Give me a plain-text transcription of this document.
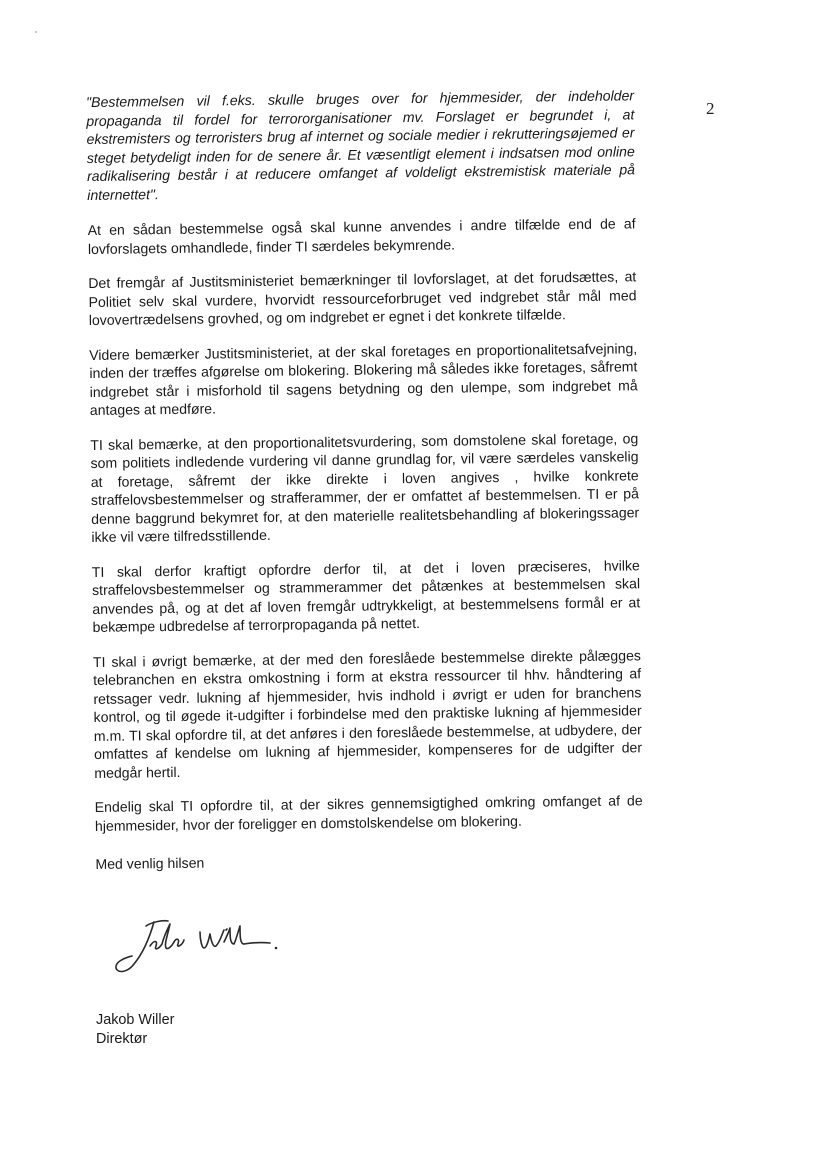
2

"Bestemmelsen vil f.eks. skulle bruges over for hjemmesider, der indeholder propaganda til fordel for terrororganisationer mv. Forslaget er begrundet i, at ekstremisters og terroristers brug af internet og sociale medier i rekrutteringsøjemed er steget betydeligt inden for de senere år. Et væsentligt element i indsatsen mod online radikalisering består i at reducere omfanget af voldeligt ekstremistisk materiale på internettet".

At en sådan bestemmelse også skal kunne anvendes i andre tilfælde end de af lovforslagets omhandlede, finder TI særdeles bekymrende.

Det fremgår af Justitsministeriet bemærkninger til lovforslaget, at det forudsættes, at Politiet selv skal vurdere, hvorvidt ressourceforbruget ved indgrebet står mål med lovovertrædelsens grovhed, og om indgrebet er egnet i det konkrete tilfælde.

Videre bemærker Justitsministeriet, at der skal foretages en proportionalitetsafvejning, inden der træffes afgørelse om blokering. Blokering må således ikke foretages, såfremt indgrebet står i misforhold til sagens betydning og den ulempe, som indgrebet må antages at medføre.

TI skal bemærke, at den proportionalitetsvurdering, som domstolene skal foretage, og som politiets indledende vurdering vil danne grundlag for, vil være særdeles vanskelig at foretage, såfremt der ikke direkte i loven angives , hvilke konkrete straffelovsbestemmelser og strafferammer, der er omfattet af bestemmelsen. TI er på denne baggrund bekymret for, at den materielle realitetsbehandling af blokeringssager ikke vil være tilfredsstillende.

TI skal derfor kraftigt opfordre derfor til, at det i loven præciseres, hvilke straffelovsbestemmelser og strammerammer det påtænkes at bestemmelsen skal anvendes på, og at det af loven fremgår udtrykkeligt, at bestemmelsens formål er at bekæmpe udbredelse af terrorpropaganda på nettet.

TI skal i øvrigt bemærke, at der med den foreslåede bestemmelse direkte pålægges telebranchen en ekstra omkostning i form at ekstra ressourcer til hhv. håndtering af retssager vedr. lukning af hjemmesider, hvis indhold i øvrigt er uden for branchens kontrol, og til øgede it-udgifter i forbindelse med den praktiske lukning af hjemmesider m.m. TI skal opfordre til, at det anføres i den foreslåede bestemmelse, at udbydere, der omfattes af kendelse om lukning af hjemmesider, kompenseres for de udgifter der medgår hertil.

Endelig skal TI opfordre til, at der sikres gennemsigtighed omkring omfanget af de hjemmesider, hvor der foreligger en domstolskendelse om blokering.

Med venlig hilsen

Jakob Willer
Direktør
